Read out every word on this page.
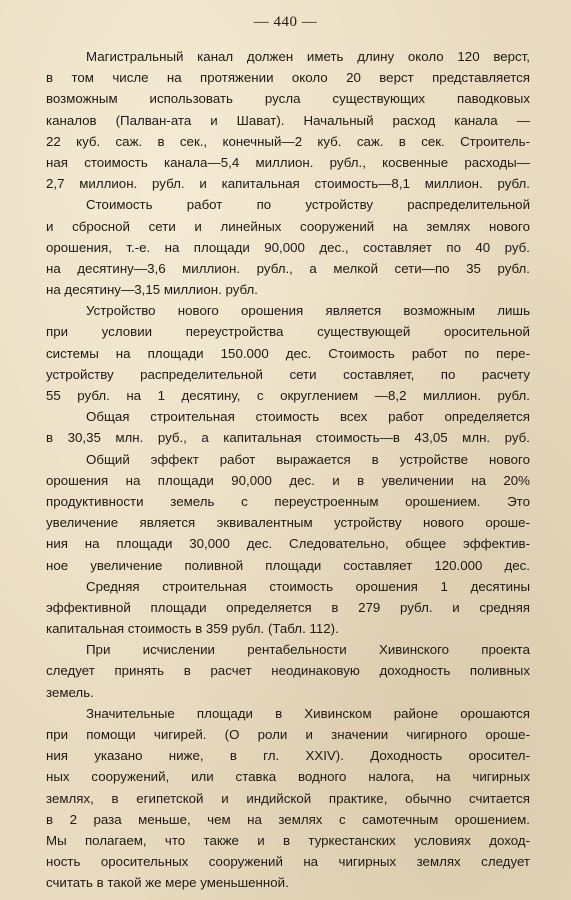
— 440 —
Магистральный канал должен иметь длину около 120 верст,
в том числе на протяжении около 20 верст представляется
возможным использовать русла существующих паводковых
каналов (Палван-ата и Шават). Начальный расход канала —
22 куб. саж. в сек., конечный—2 куб. саж. в сек. Строитель-
ная стоимость канала—5,4 миллион. рубл., косвенные расходы—
2,7 миллион. рубл. и капитальная стоимость—8,1 миллион. рубл.
Стоимость работ по устройству распределительной
и сбросной сети и линейных сооружений на землях нового
орошения, т.-е. на площади 90,000 дес., составляет по 40 руб.
на десятину—3,6 миллион. рубл., а мелкой сети—по 35 рубл.
на десятину—3,15 миллион. рубл.
Устройство нового орошения является возможным лишь
при условии переустройства существующей оросительной
системы на площади 150.000 дес. Стоимость работ по пере-
устройству распределительной сети составляет, по расчету
55 рубл. на 1 десятину, с округлением —8,2 миллион. рубл.
Общая строительная стоимость всех работ определяется
в 30,35 млн. руб., а капитальная стоимость—в 43,05 млн. руб.
Общий эффект работ выражается в устройстве нового
орошения на площади 90,000 дес. и в увеличении на 20%
продуктивности земель с переустроенным орошением. Это
увеличение является эквивалентным устройству нового ороше-
ния на площади 30,000 дес. Следовательно, общее эффектив-
ное увеличение поливной площади составляет 120.000 дес.
Средняя строительная стоимость орошения 1 десятины
эффективной площади определяется в 279 рубл. и средняя
капитальная стоимость в 359 рубл. (Табл. 112).
При исчислении рентабельности Хивинского проекта
следует принять в расчет неодинаковую доходность поливных
земель.
Значительные площади в Хивинском районе орошаются
при помощи чигирей. (О роли и значении чигирного ороше-
ния указано ниже, в гл. XXIV). Доходность оросител-
ных сооружений, или ставка водного налога, на чигирных
землях, в египетской и индийской практике, обычно считается
в 2 раза меньше, чем на землях с самотечным орошением.
Мы полагаем, что также и в туркестанских условиях доход-
ность оросительных сооружений на чигирных землях следует
считать в такой же мере уменьшенной.
